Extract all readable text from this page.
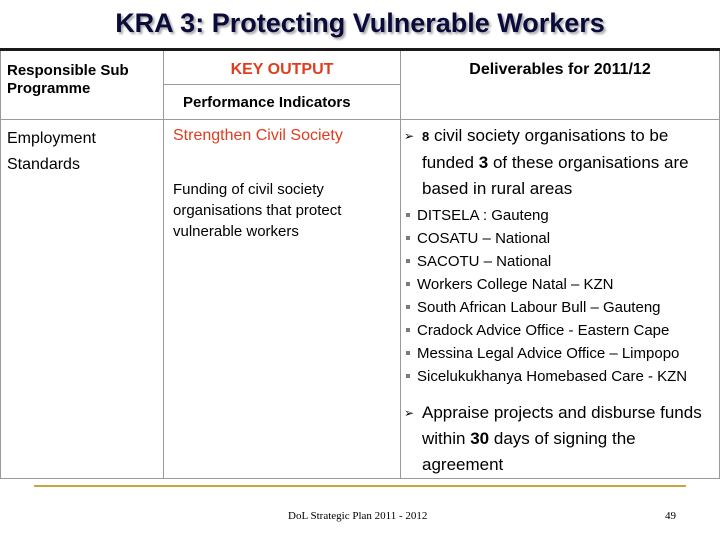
KRA 3: Protecting Vulnerable Workers
Responsible Sub Programme
KEY OUTPUT
Performance Indicators
Deliverables for 2011/12
Employment Standards
Strengthen Civil Society
Funding of civil society organisations that protect vulnerable workers
➢ 8 civil society organisations to be funded 3 of these organisations are based in rural areas
DITSELA : Gauteng
COSATU – National
SACOTU – National
Workers College Natal – KZN
South African Labour Bull – Gauteng
Cradock Advice Office - Eastern Cape
Messina Legal Advice Office – Limpopo
Sicelukukhanya Homebased Care - KZN
➢ Appraise projects and disburse funds within 30 days of signing the agreement
DoL Strategic Plan 2011 - 2012	49
